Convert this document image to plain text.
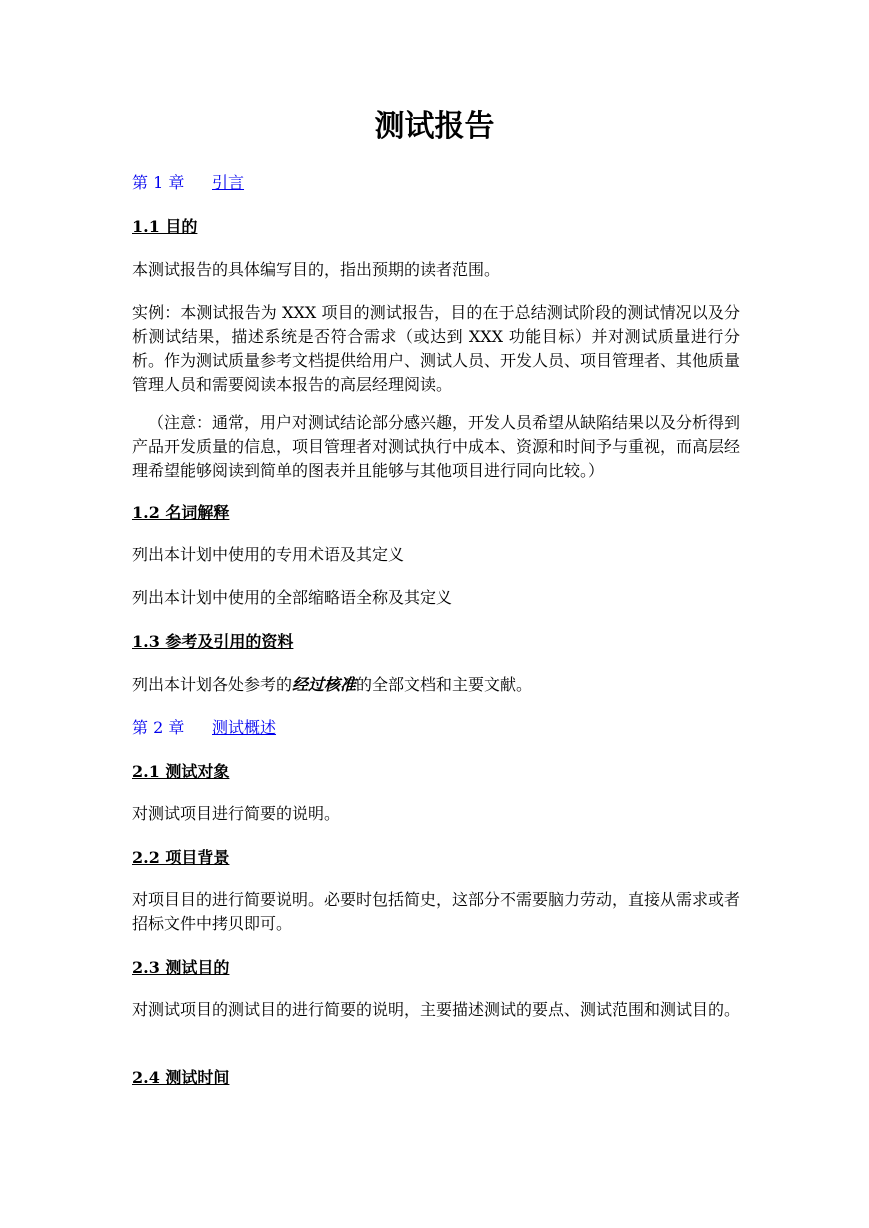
测试报告
第 1 章 引言
1.1 目的

本测试报告的具体编写目的，指出预期的读者范围。

实例：本测试报告为 XXX 项目的测试报告，目的在于总结测试阶段的测试情况以及分析测试结果，描述系统是否符合需求（或达到 XXX 功能目标）并对测试质量进行分析。作为测试质量参考文档提供给用户、测试人员、开发人员、项目管理者、其他质量管理人员和需要阅读本报告的高层经理阅读。

（注意：通常，用户对测试结论部分感兴趣，开发人员希望从缺陷结果以及分析得到产品开发质量的信息，项目管理者对测试执行中成本、资源和时间予与重视，而高层经理希望能够阅读到简单的图表并且能够与其他项目进行同向比较。）

1.2 名词解释

列出本计划中使用的专用术语及其定义

列出本计划中使用的全部缩略语全称及其定义

1.3 参考及引用的资料

列出本计划各处参考的经过核准的全部文档和主要文献。

第 2 章 测试概述
2.1 测试对象

对测试项目进行简要的说明。

2.2 项目背景

对项目目的进行简要说明。必要时包括简史，这部分不需要脑力劳动，直接从需求或者招标文件中拷贝即可。

2.3 测试目的

对测试项目的测试目的进行简要的说明，主要描述测试的要点、测试范围和测试目的。

2.4 测试时间
